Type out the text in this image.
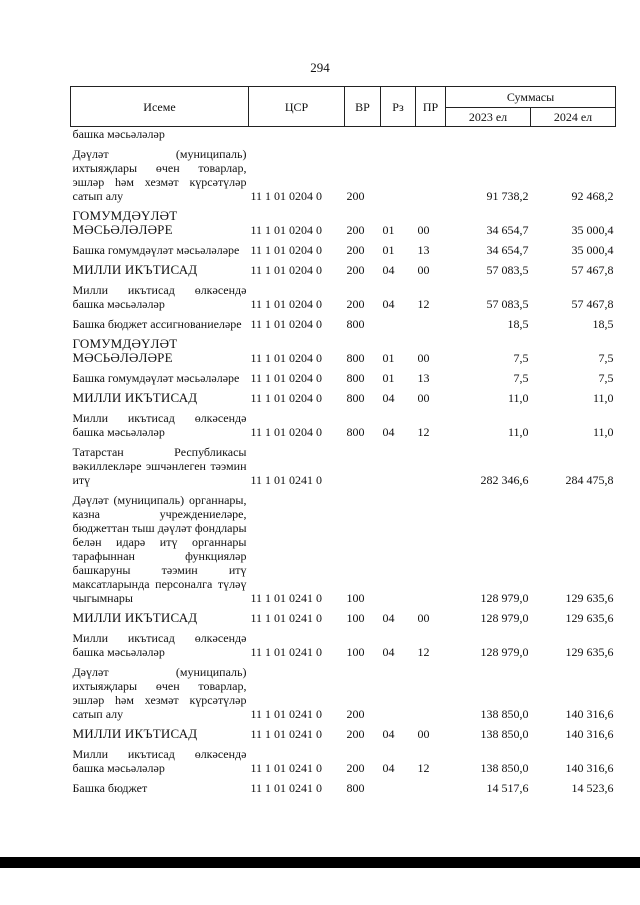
294
Исеме	ЦСР	ВР	Рз	ПР	Суммасы	
					2023 ел	2024 ел
башка мәсьәләләр						
Дәүләт (муниципаль) ихтыяҗлары өчен товарлар, эшләр һәм хезмәт күрсәтүләр сатып алу	11 1 01 0204 0	200			91 738,2	92 468,2
ГОМУМДӘҮЛӘТ МӘСЬӘЛӘЛӘРЕ	11 1 01 0204 0	200	01	00	34 654,7	35 000,4
Башка гомумдәүләт мәсьәләләре	11 1 01 0204 0	200	01	13	34 654,7	35 000,4
МИЛЛИ ИКЪТИСАД	11 1 01 0204 0	200	04	00	57 083,5	57 467,8
Милли икътисад өлкәсендә башка мәсьәләләр	11 1 01 0204 0	200	04	12	57 083,5	57 467,8
Башка бюджет ассигнованиеләре	11 1 01 0204 0	800			18,5	18,5
ГОМУМДӘҮЛӘТ МӘСЬӘЛӘЛӘРЕ	11 1 01 0204 0	800	01	00	7,5	7,5
Башка гомумдәүләт мәсьәләләре	11 1 01 0204 0	800	01	13	7,5	7,5
МИЛЛИ ИКЪТИСАД	11 1 01 0204 0	800	04	00	11,0	11,0
Милли икътисад өлкәсендә башка мәсьәләләр	11 1 01 0204 0	800	04	12	11,0	11,0
Татарстан Республикасы вәкиллекләре эшчәнлеген тәэмин итү	11 1 01 0241 0				282 346,6	284 475,8
Дәүләт (муниципаль) органнары, казна учреждениеләре, бюджеттан тыш дәүләт фондлары белән идарә итү органнары тарафыннан функцияләр башкаруны тәэмин итү максатларында персоналга түләү чыгымнары	11 1 01 0241 0	100			128 979,0	129 635,6
МИЛЛИ ИКЪТИСАД	11 1 01 0241 0	100	04	00	128 979,0	129 635,6
Милли икътисад өлкәсендә башка мәсьәләләр	11 1 01 0241 0	100	04	12	128 979,0	129 635,6
Дәүләт (муниципаль) ихтыяҗлары өчен товарлар, эшләр һәм хезмәт күрсәтүләр сатып алу	11 1 01 0241 0	200			138 850,0	140 316,6
МИЛЛИ ИКЪТИСАД	11 1 01 0241 0	200	04	00	138 850,0	140 316,6
Милли икътисад өлкәсендә башка мәсьәләләр	11 1 01 0241 0	200	04	12	138 850,0	140 316,6
Башка бюджет	11 1 01 0241 0	800			14 517,6	14 523,6
